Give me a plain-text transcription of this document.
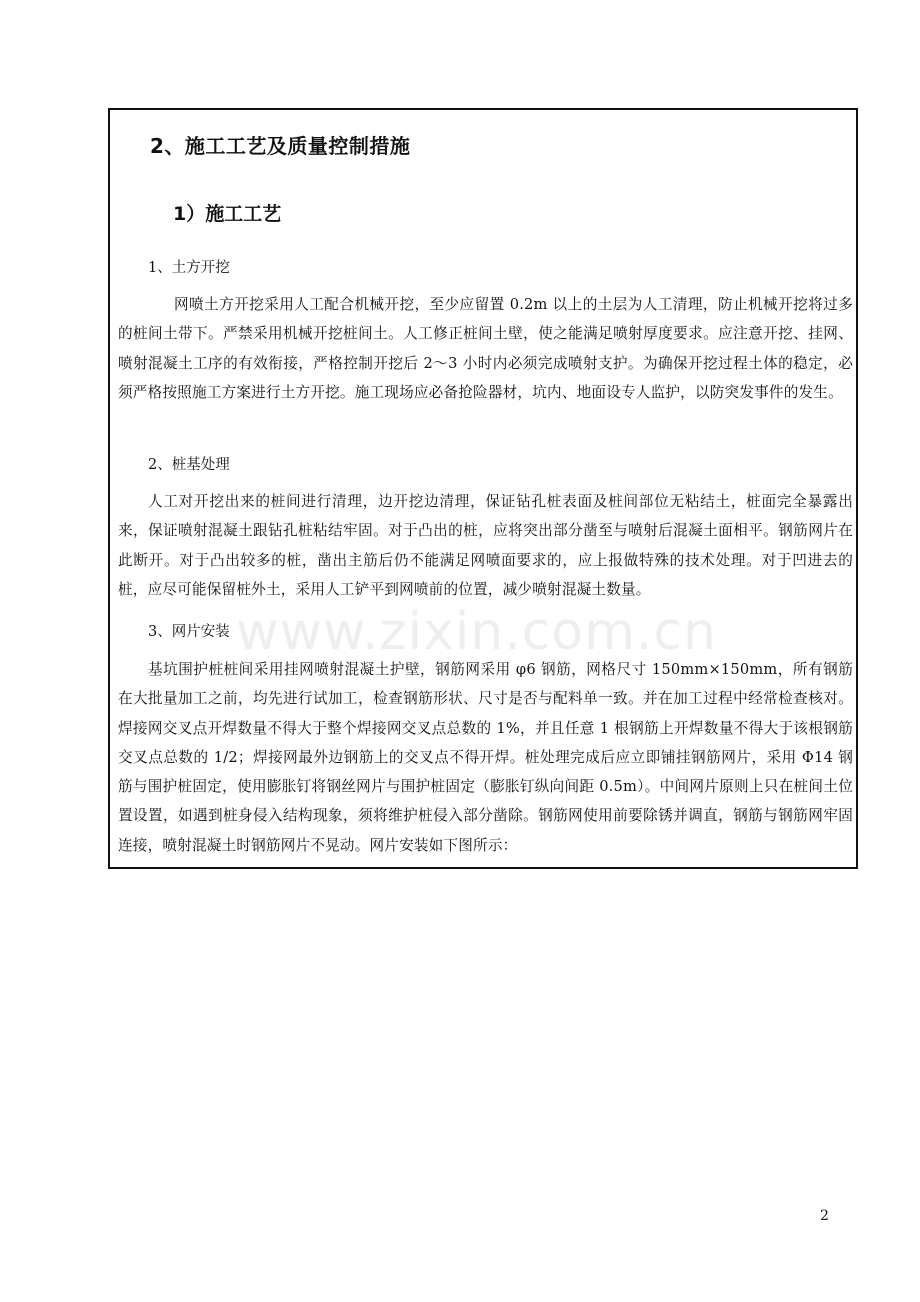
2、施工工艺及质量控制措施
1）施工工艺
1、土方开挖
网喷土方开挖采用人工配合机械开挖，至少应留置 0.2m 以上的土层为人工清理，防止机械开挖将过多的桩间土带下。严禁采用机械开挖桩间土。人工修正桩间土壁，使之能满足喷射厚度要求。应注意开挖、挂网、喷射混凝土工序的有效衔接，严格控制开挖后 2～3 小时内必须完成喷射支护。为确保开挖过程土体的稳定，必须严格按照施工方案进行土方开挖。施工现场应必备抢险器材，坑内、地面设专人监护，以防突发事件的发生。
2、桩基处理
人工对开挖出来的桩间进行清理，边开挖边清理，保证钻孔桩表面及桩间部位无粘结土，桩面完全暴露出来，保证喷射混凝土跟钻孔桩粘结牢固。对于凸出的桩，应将突出部分凿至与喷射后混凝土面相平。钢筋网片在此断开。对于凸出较多的桩，凿出主筋后仍不能满足网喷面要求的，应上报做特殊的技术处理。对于凹进去的桩，应尽可能保留桩外土，采用人工铲平到网喷前的位置，减少喷射混凝土数量。
3、网片安装
基坑围护桩桩间采用挂网喷射混凝土护壁，钢筋网采用 φ6 钢筋，网格尺寸 150mm×150mm，所有钢筋在大批量加工之前，均先进行试加工，检查钢筋形状、尺寸是否与配料单一致。并在加工过程中经常检查核对。焊接网交叉点开焊数量不得大于整个焊接网交叉点总数的 1%，并且任意 1 根钢筋上开焊数量不得大于该根钢筋交叉点总数的 1/2；焊接网最外边钢筋上的交叉点不得开焊。桩处理完成后应立即铺挂钢筋网片，采用 Φ14 钢筋与围护桩固定，使用膨胀钉将钢丝网片与围护桩固定（膨胀钉纵向间距 0.5m）。中间网片原则上只在桩间土位置设置，如遇到桩身侵入结构现象，须将维护桩侵入部分凿除。钢筋网使用前要除锈并调直，钢筋与钢筋网牢固连接，喷射混凝土时钢筋网片不晃动。网片安装如下图所示：
www.zixin.com.cn
2
